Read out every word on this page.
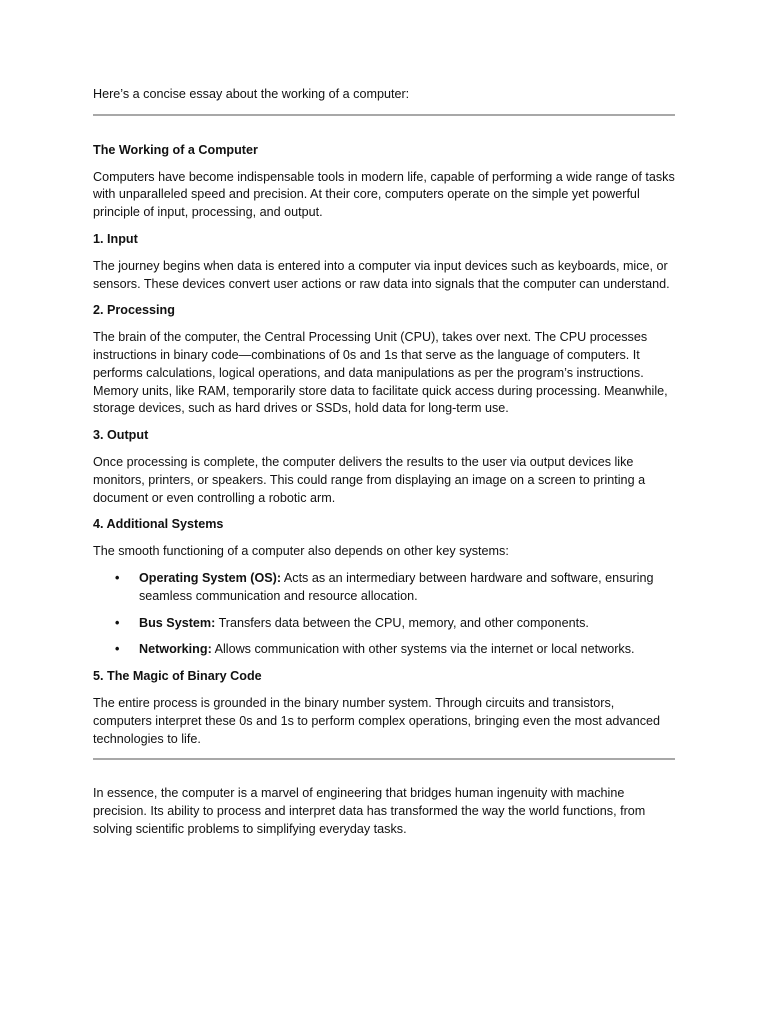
Here’s a concise essay about the working of a computer:

The Working of a Computer

Computers have become indispensable tools in modern life, capable of performing a wide range of tasks with unparalleled speed and precision. At their core, computers operate on the simple yet powerful principle of input, processing, and output.

1. Input

The journey begins when data is entered into a computer via input devices such as keyboards, mice, or sensors. These devices convert user actions or raw data into signals that the computer can understand.

2. Processing

The brain of the computer, the Central Processing Unit (CPU), takes over next. The CPU processes instructions in binary code—combinations of 0s and 1s that serve as the language of computers. It performs calculations, logical operations, and data manipulations as per the program’s instructions. Memory units, like RAM, temporarily store data to facilitate quick access during processing. Meanwhile, storage devices, such as hard drives or SSDs, hold data for long-term use.

3. Output

Once processing is complete, the computer delivers the results to the user via output devices like monitors, printers, or speakers. This could range from displaying an image on a screen to printing a document or even controlling a robotic arm.

4. Additional Systems

The smooth functioning of a computer also depends on other key systems:

• Operating System (OS): Acts as an intermediary between hardware and software, ensuring seamless communication and resource allocation.
• Bus System: Transfers data between the CPU, memory, and other components.
• Networking: Allows communication with other systems via the internet or local networks.

5. The Magic of Binary Code

The entire process is grounded in the binary number system. Through circuits and transistors, computers interpret these 0s and 1s to perform complex operations, bringing even the most advanced technologies to life.

In essence, the computer is a marvel of engineering that bridges human ingenuity with machine precision. Its ability to process and interpret data has transformed the way the world functions, from solving scientific problems to simplifying everyday tasks.
